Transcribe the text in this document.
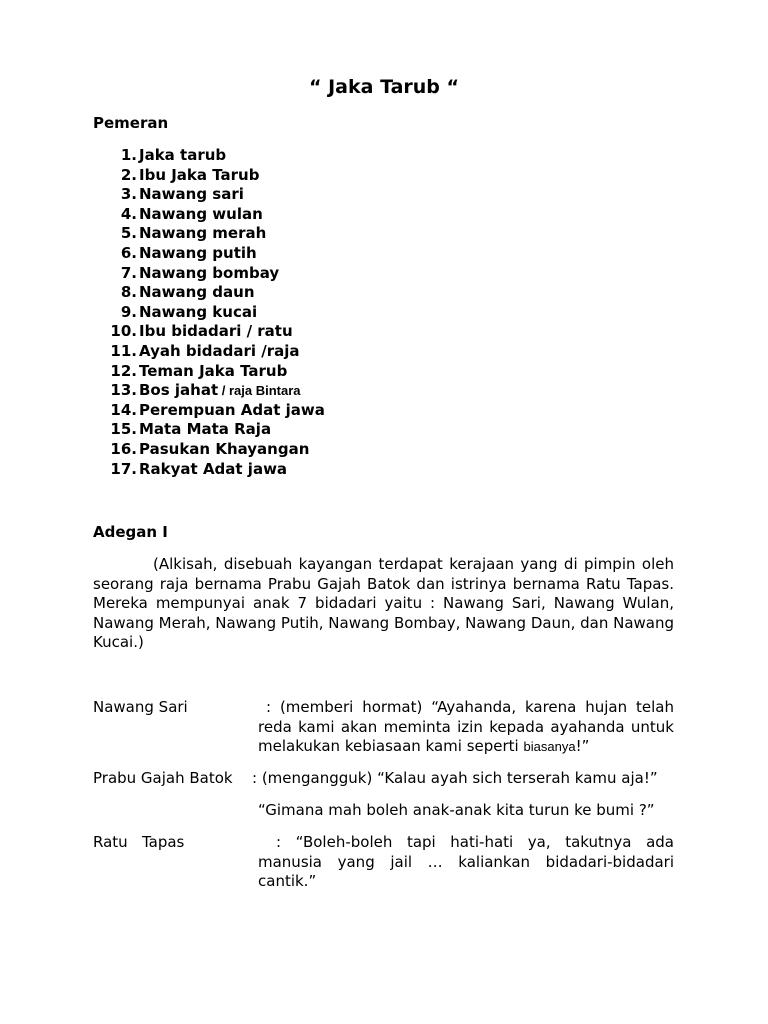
“ Jaka Tarub “
Pemeran
1. Jaka tarub
2. Ibu Jaka Tarub
3. Nawang sari
4. Nawang wulan
5. Nawang merah
6. Nawang putih
7. Nawang bombay
8. Nawang daun
9. Nawang kucai
10. Ibu bidadari / ratu
11. Ayah bidadari /raja
12. Teman Jaka Tarub
13. Bos jahat / raja Bintara
14. Perempuan Adat jawa
15. Mata Mata Raja
16. Pasukan Khayangan
17. Rakyat Adat jawa
Adegan I

(Alkisah, disebuah kayangan terdapat kerajaan yang di pimpin oleh seorang raja bernama Prabu Gajah Batok dan istrinya bernama Ratu Tapas. Mereka mempunyai anak 7 bidadari yaitu : Nawang Sari, Nawang Wulan, Nawang Merah, Nawang Putih, Nawang Bombay, Nawang Daun, dan Nawang Kucai.)

Nawang Sari	: (memberi hormat) “Ayahanda, karena hujan telah reda kami akan meminta izin kepada ayahanda untuk melakukan kebiasaan kami seperti biasanya!”

Prabu Gajah Batok : (mengangguk) “Kalau ayah sich terserah kamu aja!”
“Gimana mah boleh anak-anak kita turun ke bumi ?”
Ratu   Tapas	: “Boleh-boleh tapi hati-hati ya, takutnya ada manusia yang jail … kaliankan bidadari-bidadari cantik.”
